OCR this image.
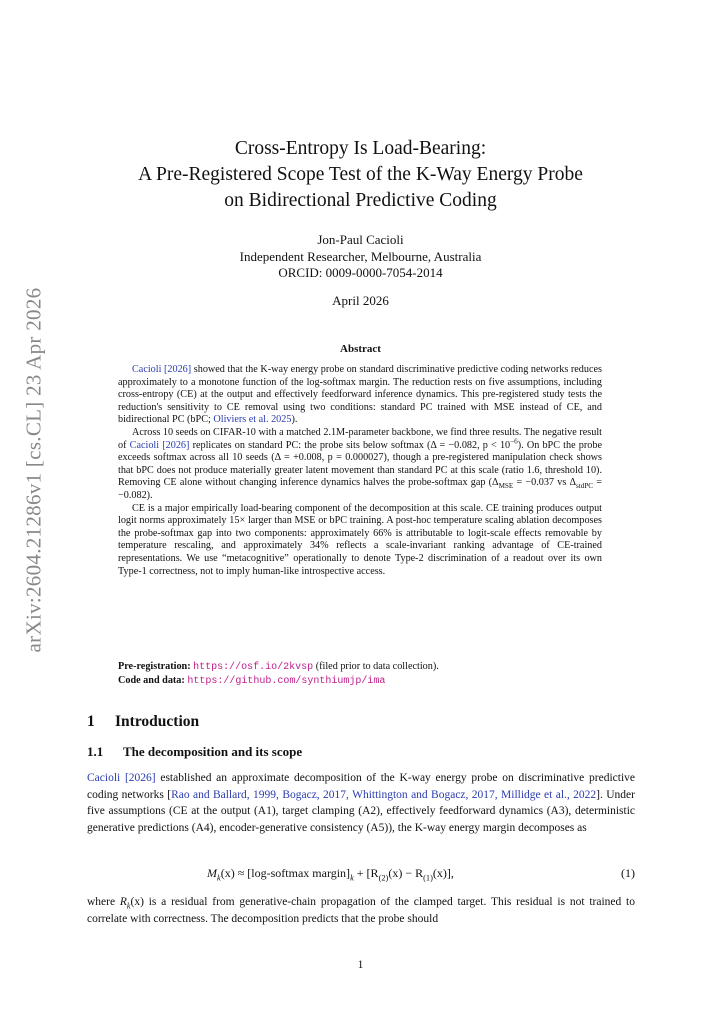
arXiv:2604.21286v1 [cs.CL] 23 Apr 2026
Cross-Entropy Is Load-Bearing:
A Pre-Registered Scope Test of the K-Way Energy Probe
on Bidirectional Predictive Coding
Jon-Paul Cacioli
Independent Researcher, Melbourne, Australia
ORCID: 0009-0000-7054-2014
April 2026
Abstract

Cacioli [2026] showed that the K-way energy probe on standard discriminative predictive coding networks reduces approximately to a monotone function of the log-softmax margin. The reduction rests on five assumptions, including cross-entropy (CE) at the output and effectively feedforward inference dynamics. This pre-registered study tests the reduction's sensitivity to CE removal using two conditions: standard PC trained with MSE instead of CE, and bidirectional PC (bPC; Oliviers et al. 2025).

Across 10 seeds on CIFAR-10 with a matched 2.1M-parameter backbone, we find three results. The negative result of Cacioli [2026] replicates on standard PC: the probe sits below softmax (Δ = −0.082, $p < 10^{-6}$). On bPC the probe exceeds softmax across all 10 seeds (Δ = +0.008, p = 0.000027), though a pre-registered manipulation check shows that bPC does not produce materially greater latent movement than standard PC at this scale (ratio 1.6, threshold 10). Removing CE alone without changing inference dynamics halves the probe-softmax gap ($\Delta_{MSE} = -0.037$ vs $\Delta_{stdPC} = -0.082$).

CE is a major empirically load-bearing component of the decomposition at this scale. CE training produces output logit norms approximately 15× larger than MSE or bPC training. A post-hoc temperature scaling ablation decomposes the probe-softmax gap into two components: approximately 66% is attributable to logit-scale effects removable by temperature rescaling, and approximately 34% reflects a scale-invariant ranking advantage of CE-trained representations. We use “metacognitive” operationally to denote Type-2 discrimination of a readout over its own Type-1 correctness, not to imply human-like introspective access.

Pre-registration: https://osf.io/2kvsp (filed prior to data collection).
Code and data: https://github.com/synthiumjp/ima
1 Introduction
1.1 The decomposition and its scope

Cacioli [2026] established an approximate decomposition of the K-way energy probe on discriminative predictive coding networks [Rao and Ballard, 1999, Bogacz, 2017, Whittington and Bogacz, 2017, Millidge et al., 2022]. Under five assumptions (CE at the output (A1), target clamping (A2), effectively feedforward dynamics (A3), deterministic generative predictions (A4), encoder-generative consistency (A5)), the K-way energy margin decomposes as

$M_k(x)$ ≈ [log-softmax $margin]_k + [R_{(2)}(x) - R_{(1)}(x)]$,	(1)

where $R_k(x)$ is a residual from generative-chain propagation of the clamped target. This residual is not trained to correlate with correctness. The decomposition predicts that the probe should

1
